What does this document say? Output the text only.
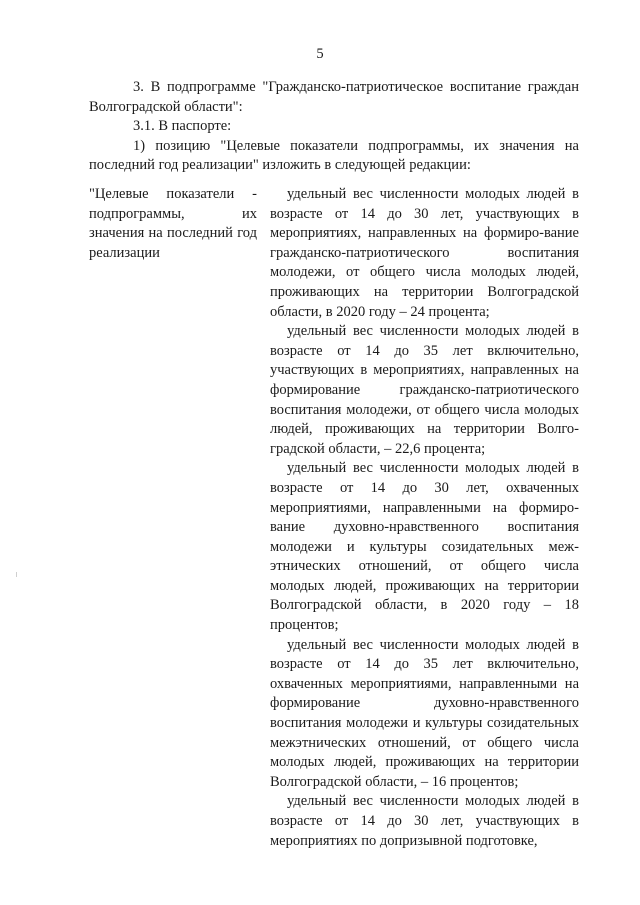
5

3. В подпрограмме "Гражданско-патриотическое воспитание граждан Волгоградской области":

3.1. В паспорте:

1) позицию "Целевые показатели подпрограммы, их значения на последний год реализации" изложить в следующей редакции:

"Целевые показатели - подпрограммы, их значения на последний год реализации

удельный вес численности молодых людей в возрасте от 14 до 30 лет, участвующих в мероприятиях, направленных на формиро-вание гражданско-патриотического воспитания молодежи, от общего числа молодых людей, проживающих на территории Волгоградской области, в 2020 году – 24 процента;

удельный вес численности молодых людей в возрасте от 14 до 35 лет включительно, участвующих в мероприятиях, направленных на формирование гражданско-патриотического воспитания молодежи, от общего числа молодых людей, проживающих на территории Волго-градской области, – 22,6 процента;

удельный вес численности молодых людей в возрасте от 14 до 30 лет, охваченных мероприятиями, направленными на формиро-вание духовно-нравственного воспитания молодежи и культуры созидательных меж-этнических отношений, от общего числа молодых людей, проживающих на территории Волгоградской области, в 2020 году – 18 процентов;

удельный вес численности молодых людей в возрасте от 14 до 35 лет включительно, охваченных мероприятиями, направленными на формирование духовно-нравственного воспитания молодежи и культуры созидательных межэтнических отношений, от общего числа молодых людей, проживающих на территории Волгоградской области, – 16 процентов;

удельный вес численности молодых людей в возрасте от 14 до 30 лет, участвующих в мероприятиях по допризывной подготовке,
